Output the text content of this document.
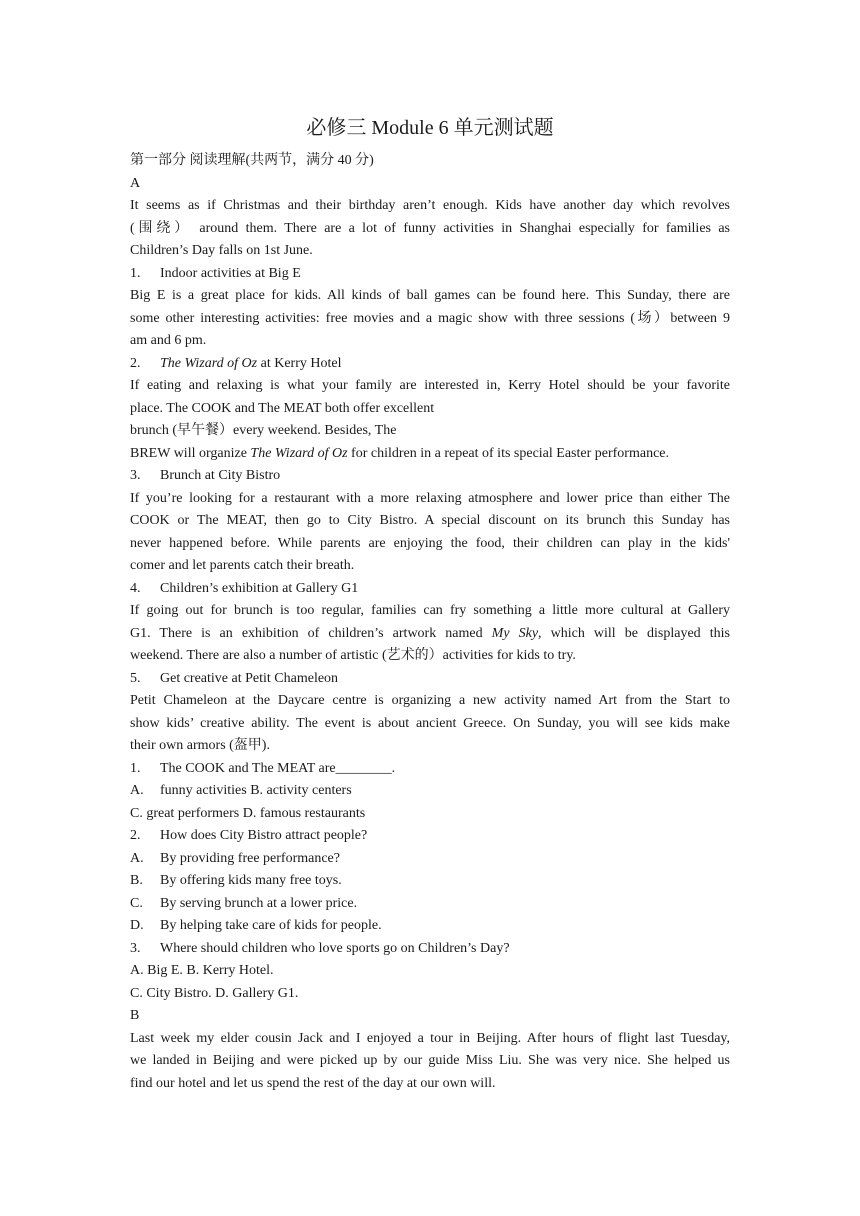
必修三 Module 6 单元测试题

第一部分 阅读理解(共两节，满分 40 分)

A

It seems as if Christmas and their birthday aren’t enough. Kids have another day which revolves

(围绕） around them. There are a lot of funny activities in Shanghai especially for families as

Children’s Day falls on 1st June.

1.	Indoor activities at Big E

Big E is a great place for kids. All kinds of ball games can be found here. This Sunday, there are

some other interesting activities: free movies and a magic show with three sessions (场）between 9

am and 6 pm.

2.	The Wizard of Oz at Kerry Hotel

If eating and relaxing is what your family are interested in, Kerry Hotel should be your favorite

place. The COOK and The MEAT both offer excellent

brunch (早午餐）every weekend. Besides, The

BREW will organize The Wizard of Oz for children in a repeat of its special Easter performance.

3.	Brunch at City Bistro

If you’re looking for a restaurant with a more relaxing atmosphere and lower price than either The

COOK or The MEAT, then go to City Bistro. A special discount on its brunch this Sunday has

never happened before. While parents are enjoying the food, their children can play in the kids'

comer and let parents catch their breath.

4.	Children’s exhibition at Gallery G1

If going out for brunch is too regular, families can fry something a little more cultural at Gallery

G1. There is an exhibition of children’s artwork named My Sky, which will be displayed this

weekend. There are also a number of artistic (艺术的）activities for kids to try.

5.	Get creative at Petit Chameleon

Petit Chameleon at the Daycare centre is organizing a new activity named Art from the Start to

show kids’ creative ability. The event is about ancient Greece. On Sunday, you will see kids make

their own armors (盔甲).

1.	The COOK and The MEAT are________.
A.	funny activities B. activity centers

C. great performers D. famous restaurants

2.	How does City Bistro attract people?
A.	By providing free performance?
B.	By offering kids many free toys.
C.	By serving brunch at a lower price.
D.	By helping take care of kids for people.
3.	Where should children who love sports go on Children’s Day?

A. Big E. B. Kerry Hotel.

C. City Bistro. D. Gallery G1.

B

Last week my elder cousin Jack and I enjoyed a tour in Beijing. After hours of flight last Tuesday,

we landed in Beijing and were picked up by our guide Miss Liu. She was very nice. She helped us

find our hotel and let us spend the rest of the day at our own will.
